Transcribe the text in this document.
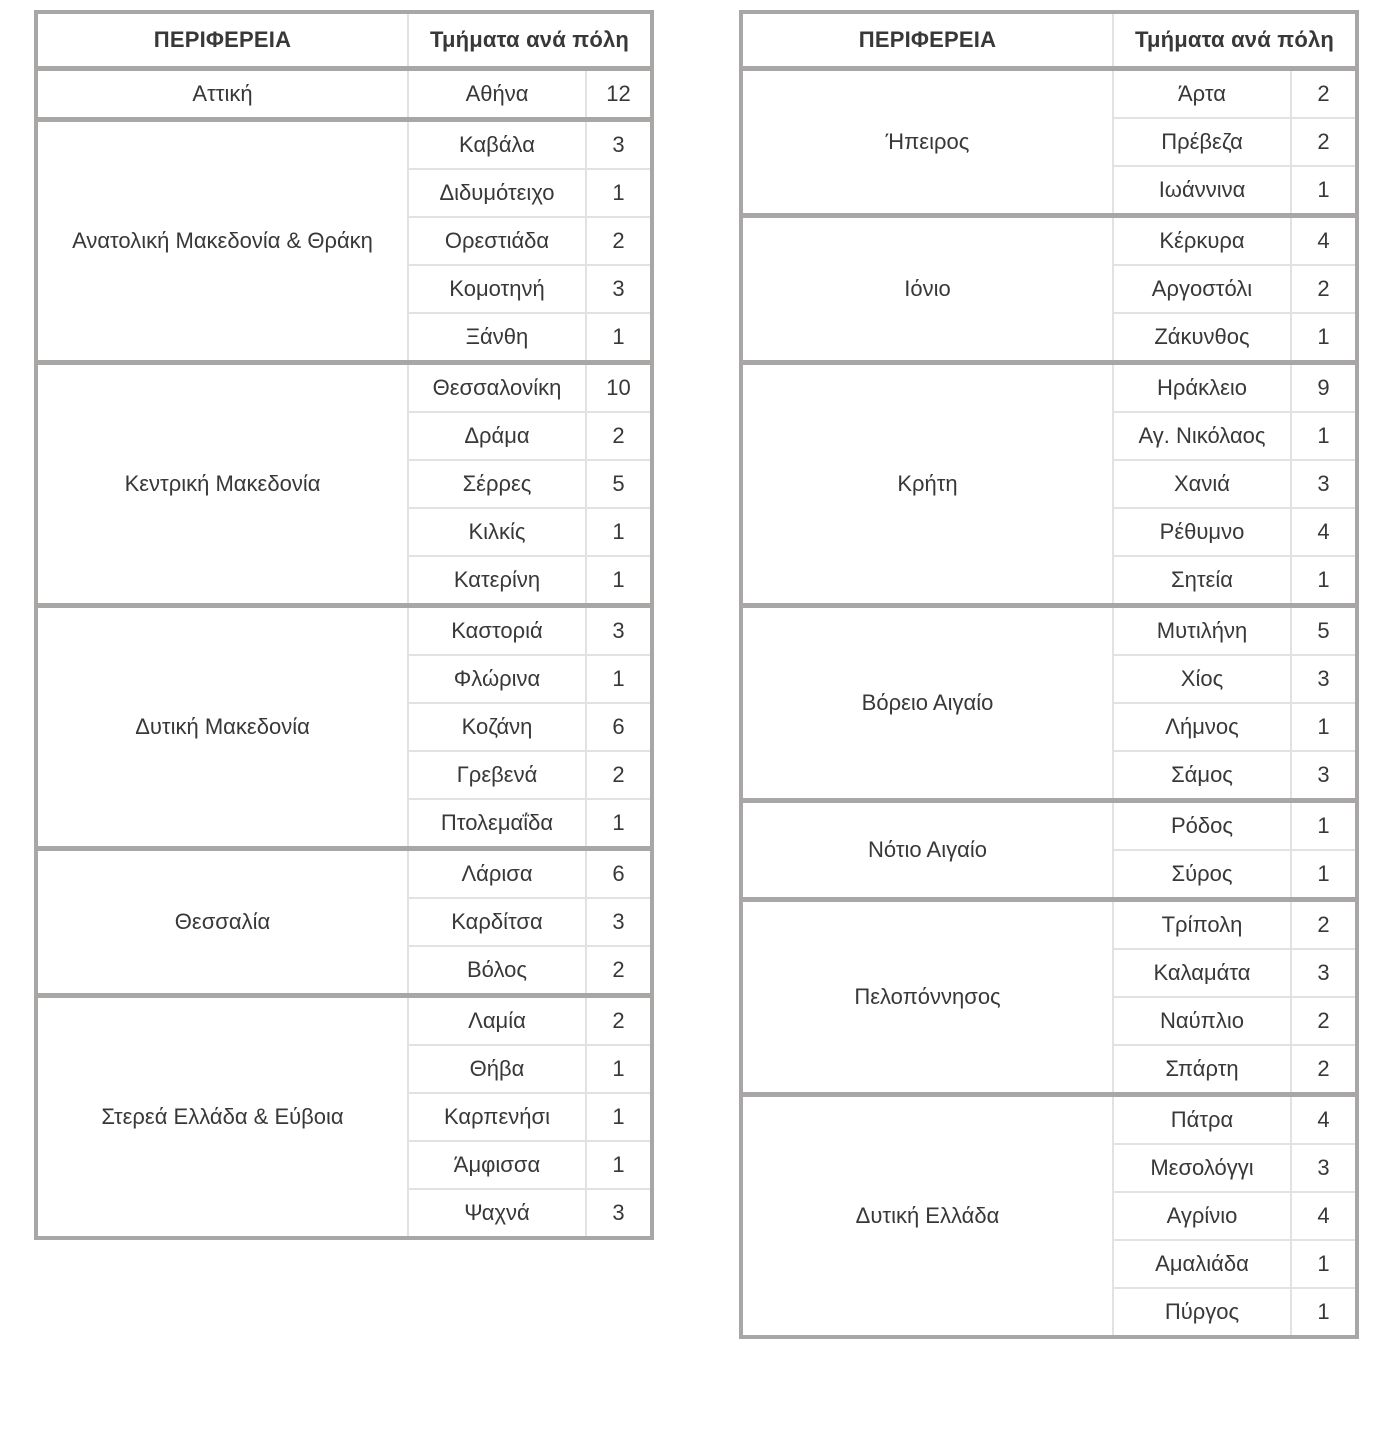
ΠΕΡΙΦΕΡΕΙΑ	Τμήματα ανά πόλη	
Αττική	Αθήνα	12
Ανατολική Μακεδονία & Θράκη	Καβάλα	3
	Διδυμότειχο	1
	Ορεστιάδα	2
	Κομοτηνή	3
	Ξάνθη	1
Κεντρική Μακεδονία	Θεσσαλονίκη	10
	Δράμα	2
	Σέρρες	5
	Κιλκίς	1
	Κατερίνη	1
Δυτική Μακεδονία	Καστοριά	3
	Φλώρινα	1
	Κοζάνη	6
	Γρεβενά	2
	Πτολεμαΐδα	1
Θεσσαλία	Λάρισα	6
	Καρδίτσα	3
	Βόλος	2
Στερεά Ελλάδα & Εύβοια	Λαμία	2
	Θήβα	1
	Καρπενήσι	1
	Άμφισσα	1
	Ψαχνά	3
ΠΕΡΙΦΕΡΕΙΑ	Τμήματα ανά πόλη	
Ήπειρος	Άρτα	2
	Πρέβεζα	2
	Ιωάννινα	1
Ιόνιο	Κέρκυρα	4
	Αργοστόλι	2
	Ζάκυνθος	1
Κρήτη	Ηράκλειο	9
	Αγ. Νικόλαος	1
	Χανιά	3
	Ρέθυμνο	4
	Σητεία	1
Βόρειο Αιγαίο	Μυτιλήνη	5
	Χίος	3
	Λήμνος	1
	Σάμος	3
Νότιο Αιγαίο	Ρόδος	1
	Σύρος	1
Πελοπόννησος	Τρίπολη	2
	Καλαμάτα	3
	Ναύπλιο	2
	Σπάρτη	2
Δυτική Ελλάδα	Πάτρα	4
	Μεσολόγγι	3
	Αγρίνιο	4
	Αμαλιάδα	1
	Πύργος	1
